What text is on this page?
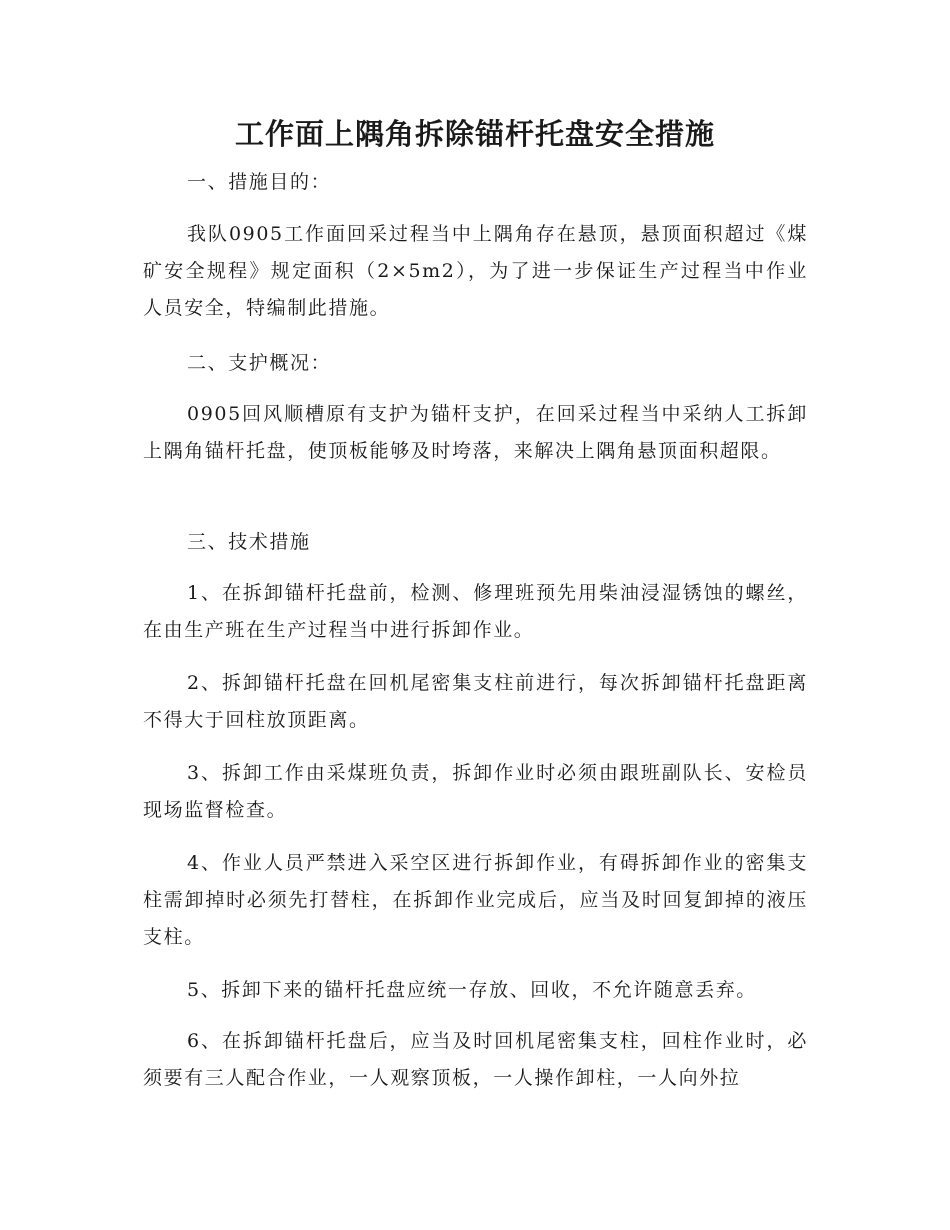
工作面上隅角拆除锚杆托盘安全措施

一、措施目的：

我队0905工作面回采过程当中上隅角存在悬顶，悬顶面积超过《煤矿安全规程》规定面积（2×5m2），为了进一步保证生产过程当中作业人员安全，特编制此措施。

二、支护概况：

0905回风顺槽原有支护为锚杆支护，在回采过程当中采纳人工拆卸上隅角锚杆托盘，使顶板能够及时垮落，来解决上隅角悬顶面积超限。

三、技术措施

1、在拆卸锚杆托盘前，检测、修理班预先用柴油浸湿锈蚀的螺丝，在由生产班在生产过程当中进行拆卸作业。

2、拆卸锚杆托盘在回机尾密集支柱前进行，每次拆卸锚杆托盘距离不得大于回柱放顶距离。

3、拆卸工作由采煤班负责，拆卸作业时必须由跟班副队长、安检员现场监督检查。

4、作业人员严禁进入采空区进行拆卸作业，有碍拆卸作业的密集支柱需卸掉时必须先打替柱，在拆卸作业完成后，应当及时回复卸掉的液压支柱。

5、拆卸下来的锚杆托盘应统一存放、回收，不允许随意丢弃。

6、在拆卸锚杆托盘后，应当及时回机尾密集支柱，回柱作业时，必须要有三人配合作业，一人观察顶板，一人操作卸柱，一人向外拉
